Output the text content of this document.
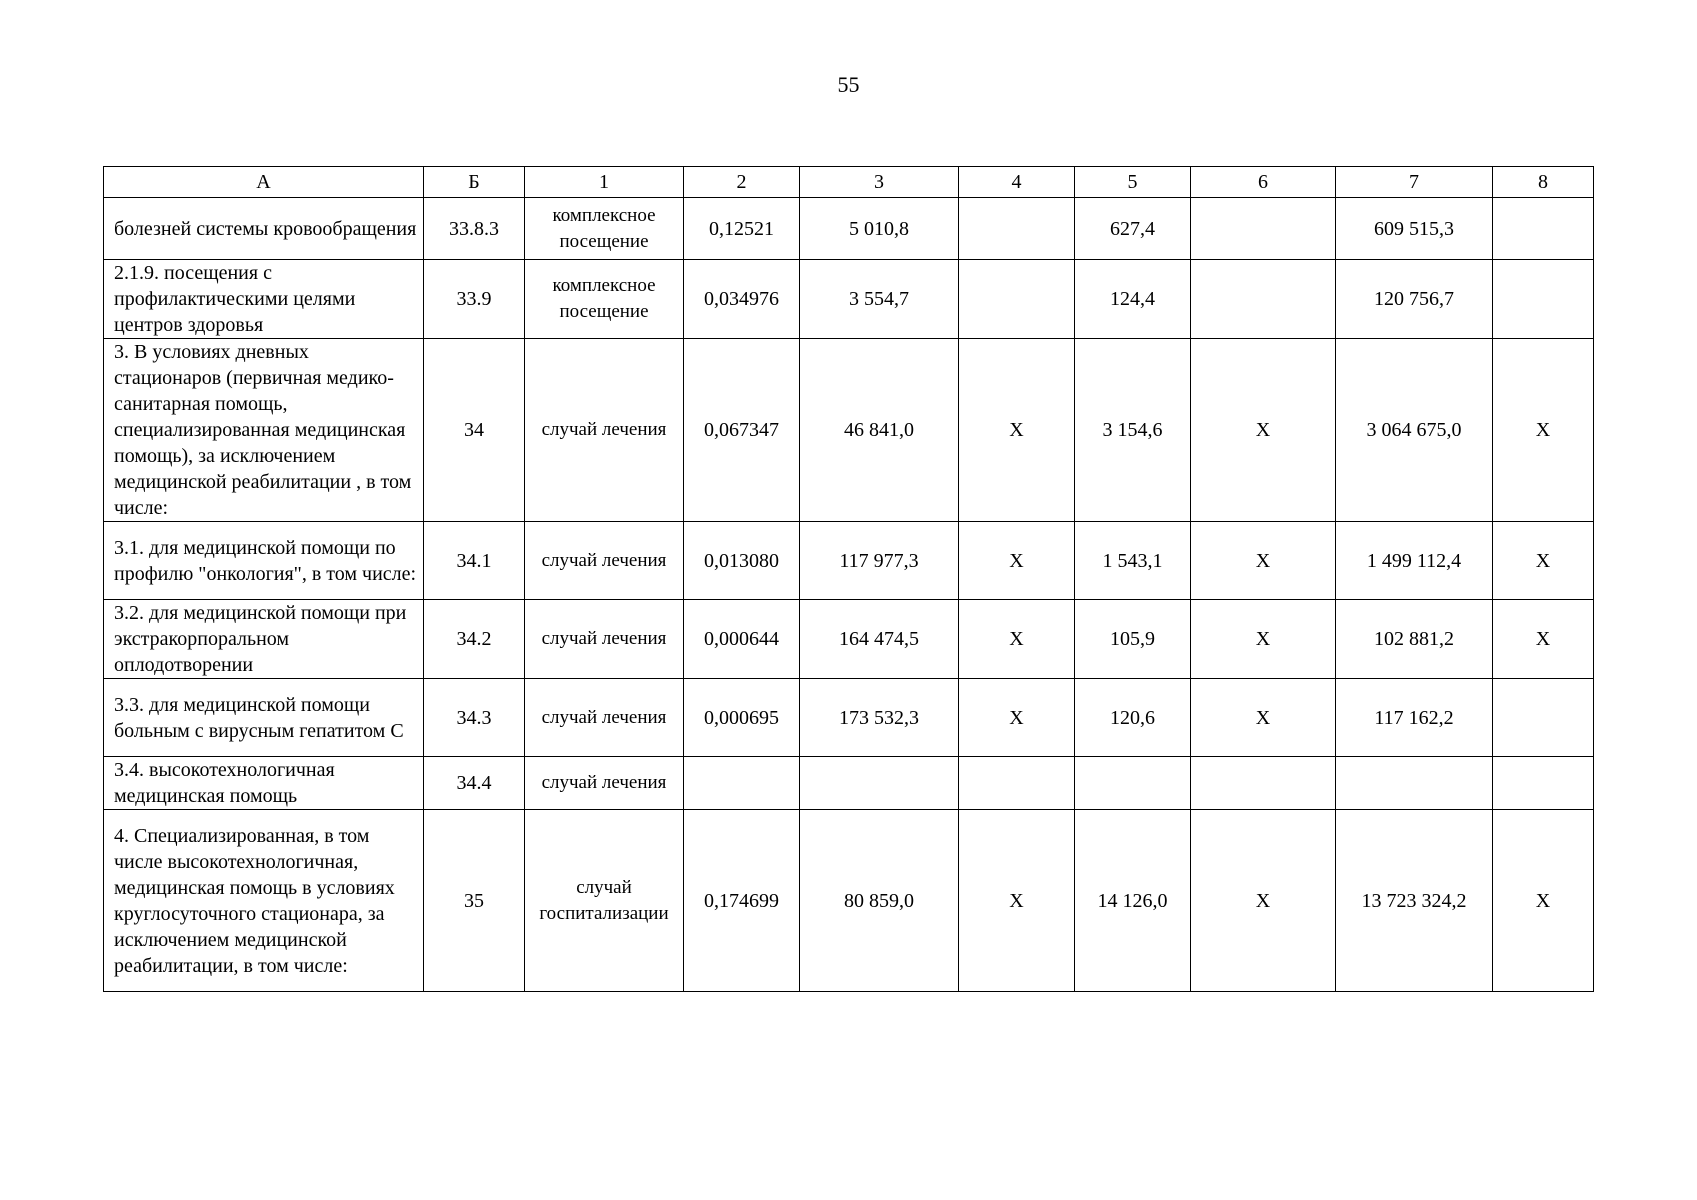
55
А	Б	1	2	3	4	5	6	7	8
болезней системы кровообращения	33.8.3	комплексное посещение	0,12521	5 010,8		627,4		609 515,3	
2.1.9. посещения с профилактическими целями центров здоровья	33.9	комплексное посещение	0,034976	3 554,7		124,4		120 756,7	
3. В условиях дневных стационаров (первичная медико-санитарная помощь, специализированная медицинская помощь), за исключением медицинской реабилитации , в том числе:	34	случай лечения	0,067347	46 841,0	Х	3 154,6	Х	3 064 675,0	Х
3.1. для медицинской помощи по профилю "онкология", в том числе:	34.1	случай лечения	0,013080	117 977,3	Х	1 543,1	Х	1 499 112,4	Х
3.2. для медицинской помощи при экстракорпоральном оплодотворении	34.2	случай лечения	0,000644	164 474,5	Х	105,9	Х	102 881,2	Х
3.3. для медицинской помощи больным с вирусным гепатитом С	34.3	случай лечения	0,000695	173 532,3	Х	120,6	Х	117 162,2	
3.4. высокотехнологичная медицинская помощь	34.4	случай лечения							
4. Специализированная, в том числе высокотехнологичная, медицинская помощь в условиях круглосуточного стационара, за исключением медицинской реабилитации, в том числе:	35	случай госпитализации	0,174699	80 859,0	Х	14 126,0	Х	13 723 324,2	Х
